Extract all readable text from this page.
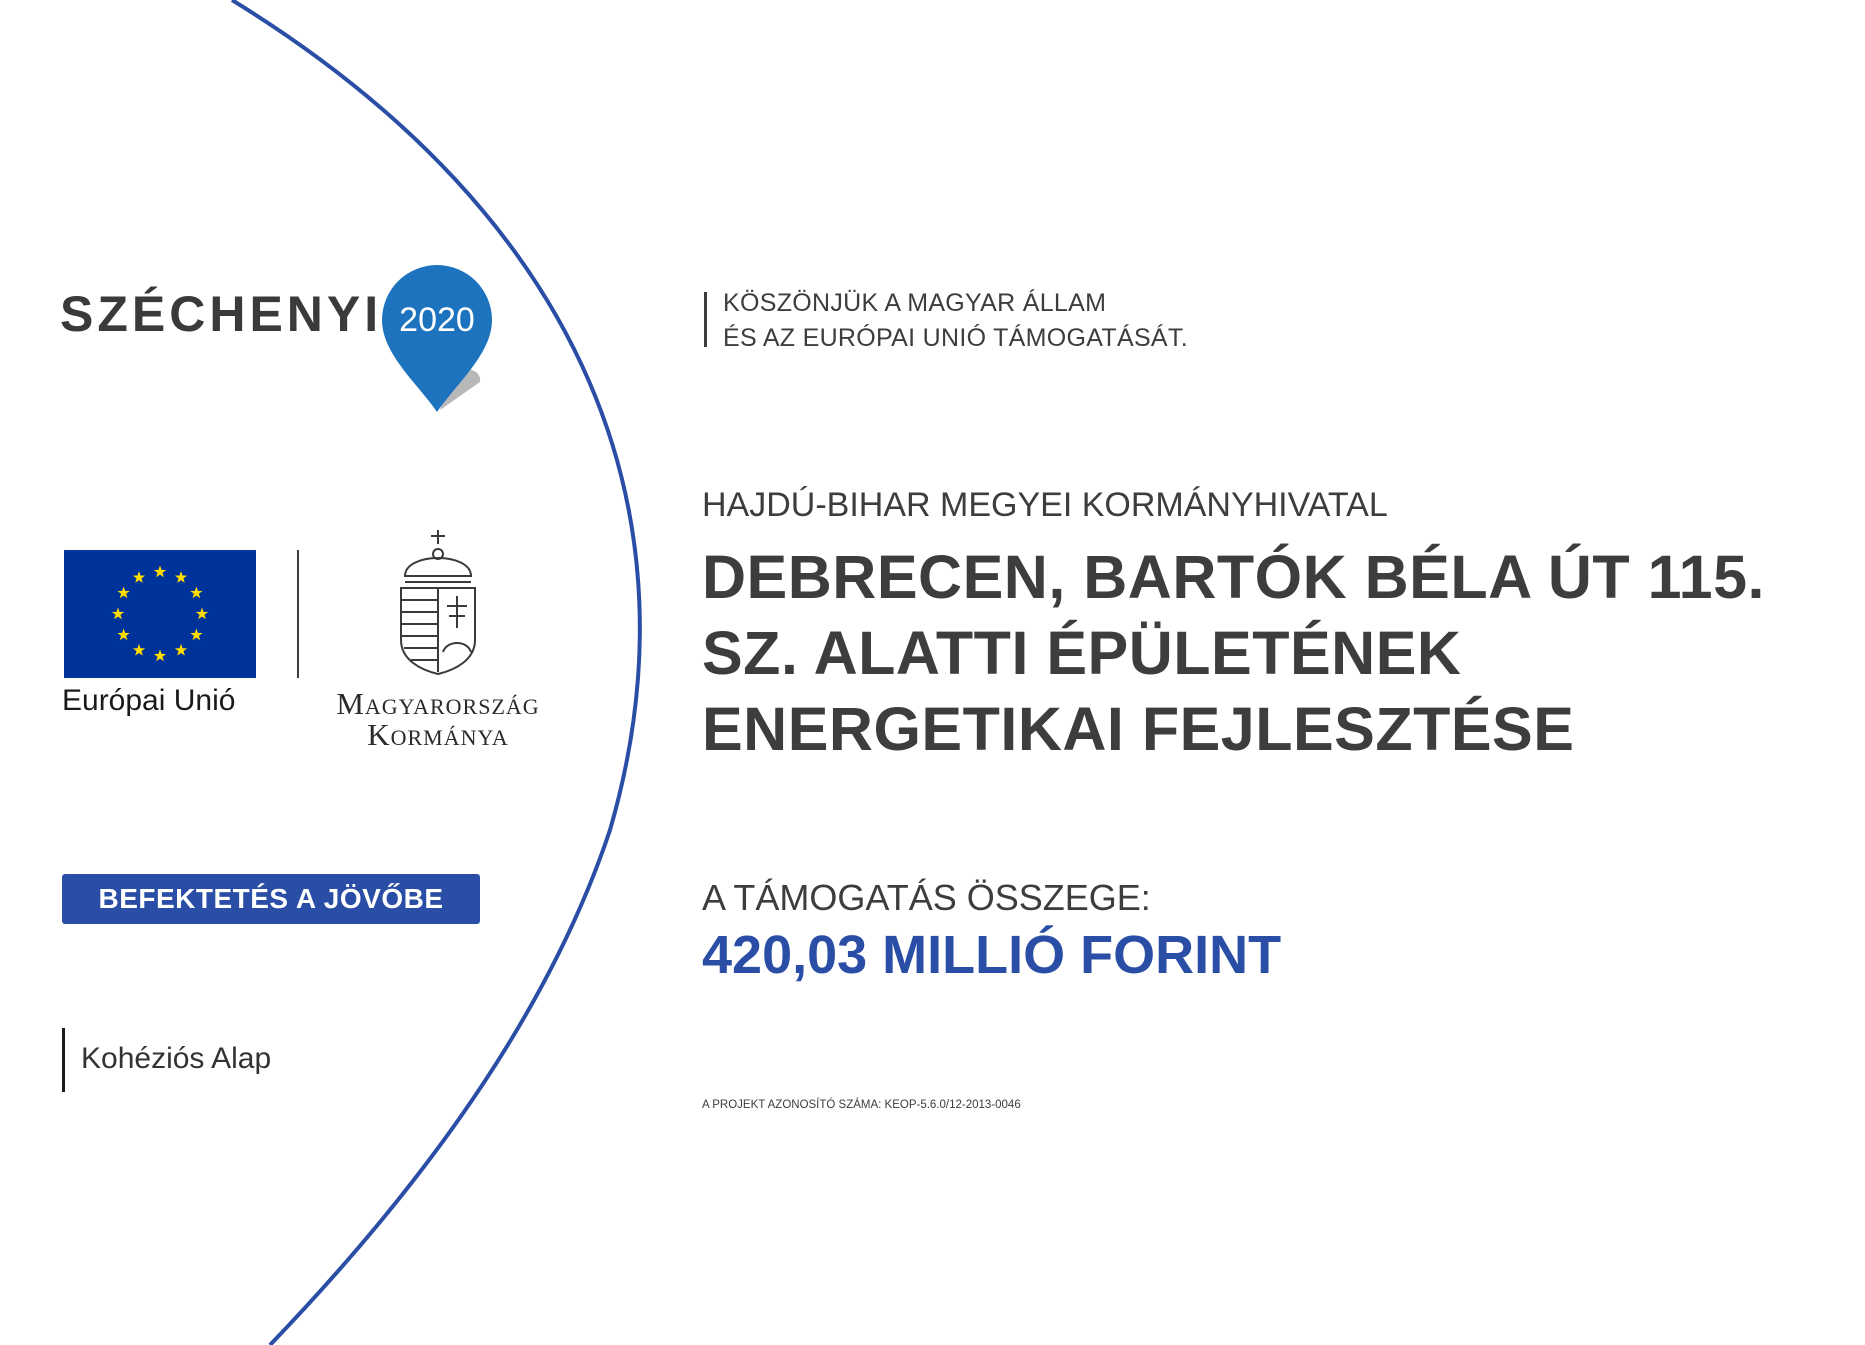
SZÉCHENYI 2020
Európai Unió	Magyarország
Kormánya
BEFEKTETÉS A JÖVŐBE
Kohéziós Alap
KÖSZÖNJÜK A MAGYAR ÁLLAM
ÉS AZ EURÓPAI UNIÓ TÁMOGATÁSÁT.
HAJDÚ-BIHAR MEGYEI KORMÁNYHIVATAL
DEBRECEN, BARTÓK BÉLA ÚT 115.
SZ. ALATTI ÉPÜLETÉNEK
ENERGETIKAI FEJLESZTÉSE
A TÁMOGATÁS ÖSSZEGE:
420,03 MILLIÓ FORINT
A PROJEKT AZONOSÍTÓ SZÁMA: KEOP-5.6.0/12-2013-0046
